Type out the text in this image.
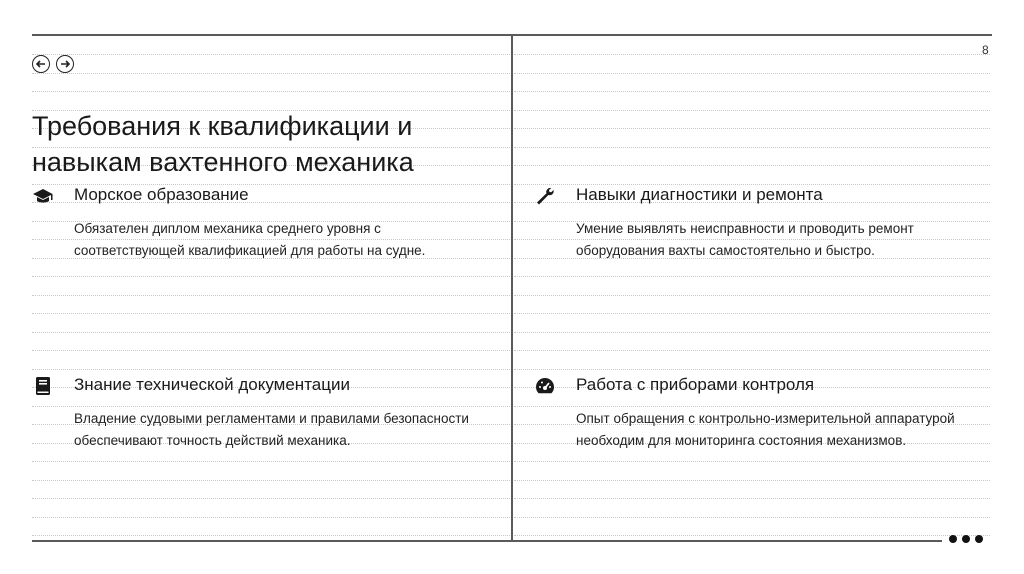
8
Требования к квалификации и навыкам вахтенного механика
Морское образование

Обязателен диплом механика среднего уровня с соответствующей квалификацией для работы на судне.

Навыки диагностики и ремонта

Умение выявлять неисправности и проводить ремонт оборудования вахты самостоятельно и быстро.

Знание технической документации

Владение судовыми регламентами и правилами безопасности обеспечивают точность действий механика.

Работа с приборами контроля

Опыт обращения с контрольно-измерительной аппаратурой необходим для мониторинга состояния механизмов.
